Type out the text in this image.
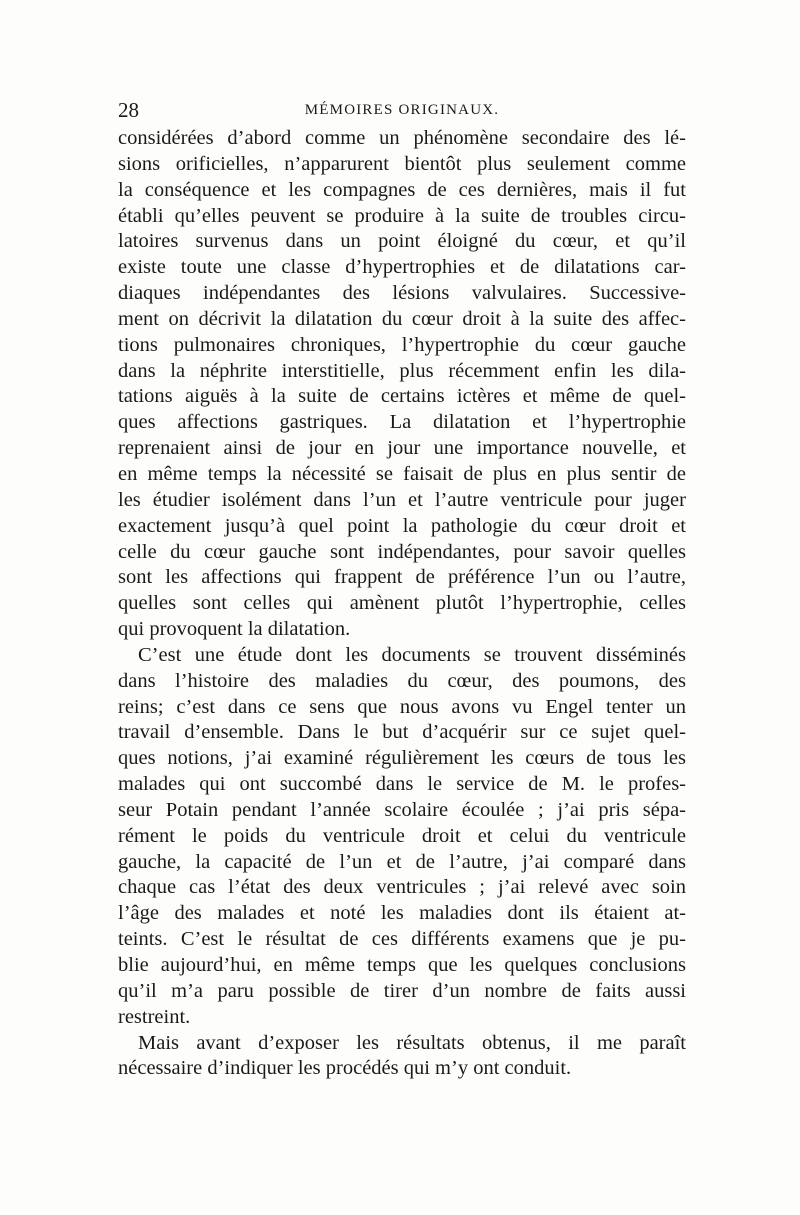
28	MÉMOIRES ORIGINAUX.
considérées d’abord comme un phénomène secondaire des lé-
sions orificielles, n’apparurent bientôt plus seulement comme
la conséquence et les compagnes de ces dernières, mais il fut
établi qu’elles peuvent se produire à la suite de troubles circu-
latoires survenus dans un point éloigné du cœur, et qu’il
existe toute une classe d’hypertrophies et de dilatations car-
diaques indépendantes des lésions valvulaires. Successive-
ment on décrivit la dilatation du cœur droit à la suite des affec-
tions pulmonaires chroniques, l’hypertrophie du cœur gauche
dans la néphrite interstitielle, plus récemment enfin les dila-
tations aiguës à la suite de certains ictères et même de quel-
ques affections gastriques. La dilatation et l’hypertrophie
reprenaient ainsi de jour en jour une importance nouvelle, et
en même temps la nécessité se faisait de plus en plus sentir de
les étudier isolément dans l’un et l’autre ventricule pour juger
exactement jusqu’à quel point la pathologie du cœur droit et
celle du cœur gauche sont indépendantes, pour savoir quelles
sont les affections qui frappent de préférence l’un ou l’autre,
quelles sont celles qui amènent plutôt l’hypertrophie, celles
qui provoquent la dilatation.
C’est une étude dont les documents se trouvent disséminés
dans l’histoire des maladies du cœur, des poumons, des
reins; c’est dans ce sens que nous avons vu Engel tenter un
travail d’ensemble. Dans le but d’acquérir sur ce sujet quel-
ques notions, j’ai examiné régulièrement les cœurs de tous les
malades qui ont succombé dans le service de M. le profes-
seur Potain pendant l’année scolaire écoulée ; j’ai pris sépa-
rément le poids du ventricule droit et celui du ventricule
gauche, la capacité de l’un et de l’autre, j’ai comparé dans
chaque cas l’état des deux ventricules ; j’ai relevé avec soin
l’âge des malades et noté les maladies dont ils étaient at-
teints. C’est le résultat de ces différents examens que je pu-
blie aujourd’hui, en même temps que les quelques conclusions
qu’il m’a paru possible de tirer d’un nombre de faits aussi
restreint.
Mais avant d’exposer les résultats obtenus, il me paraît
nécessaire d’indiquer les procédés qui m’y ont conduit.
